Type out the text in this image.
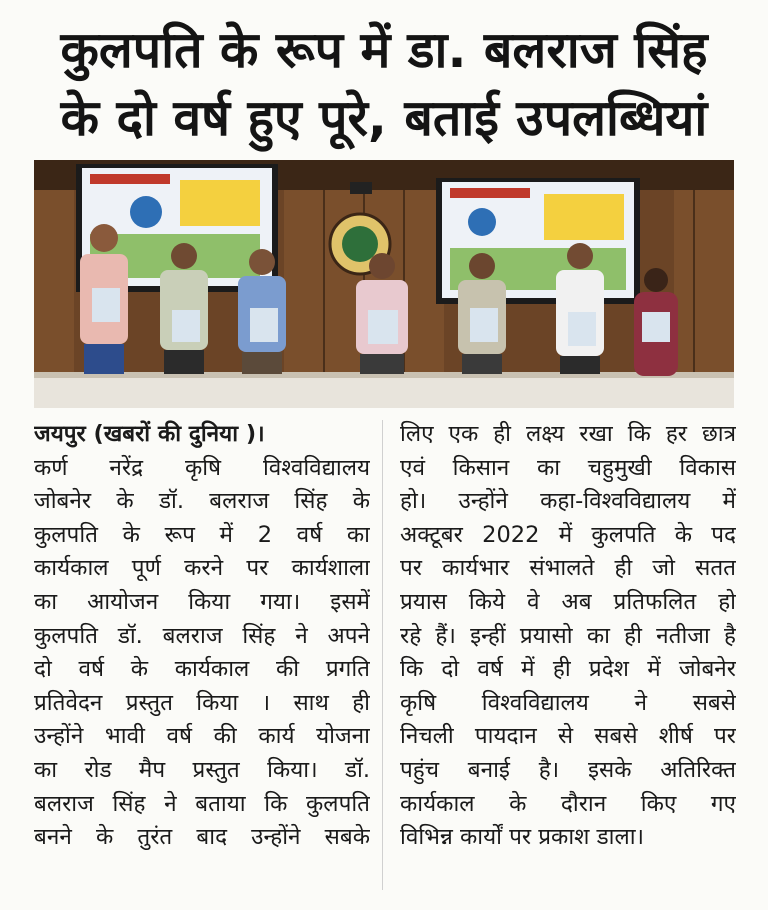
कुलपति के रूप में डा. बलराज सिंह
के दो वर्ष हुए पूरे, बताई उपलब्धियां
जयपुर (खबरों की दुनिया )।
कर्ण नरेंद्र कृषि विश्वविद्यालय
जोबनेर के डॉ. बलराज सिंह के
कुलपति के रूप में 2 वर्ष का
कार्यकाल पूर्ण करने पर कार्यशाला
का आयोजन किया गया। इसमें
कुलपति डॉ. बलराज सिंह ने अपने
दो वर्ष के कार्यकाल की प्रगति
प्रतिवेदन प्रस्तुत किया । साथ ही
उन्होंने भावी वर्ष की कार्य योजना
का रोड मैप प्रस्तुत किया। डॉ.
बलराज सिंह ने बताया कि कुलपति
बनने के तुरंत बाद उन्होंने सबके
लिए एक ही लक्ष्य रखा कि हर छात्र
एवं किसान का चहुमुखी विकास
हो। उन्होंने कहा-विश्वविद्यालय में
अक्टूबर 2022 में कुलपति के पद
पर कार्यभार संभालते ही जो सतत
प्रयास किये वे अब प्रतिफलित हो
रहे हैं। इन्हीं प्रयासो का ही नतीजा है
कि दो वर्ष में ही प्रदेश में जोबनेर
कृषि विश्वविद्यालय ने सबसे
निचली पायदान से सबसे शीर्ष पर
पहुंच बनाई है। इसके अतिरिक्त
कार्यकाल के दौरान किए गए
विभिन्न कार्यों पर प्रकाश डाला।
